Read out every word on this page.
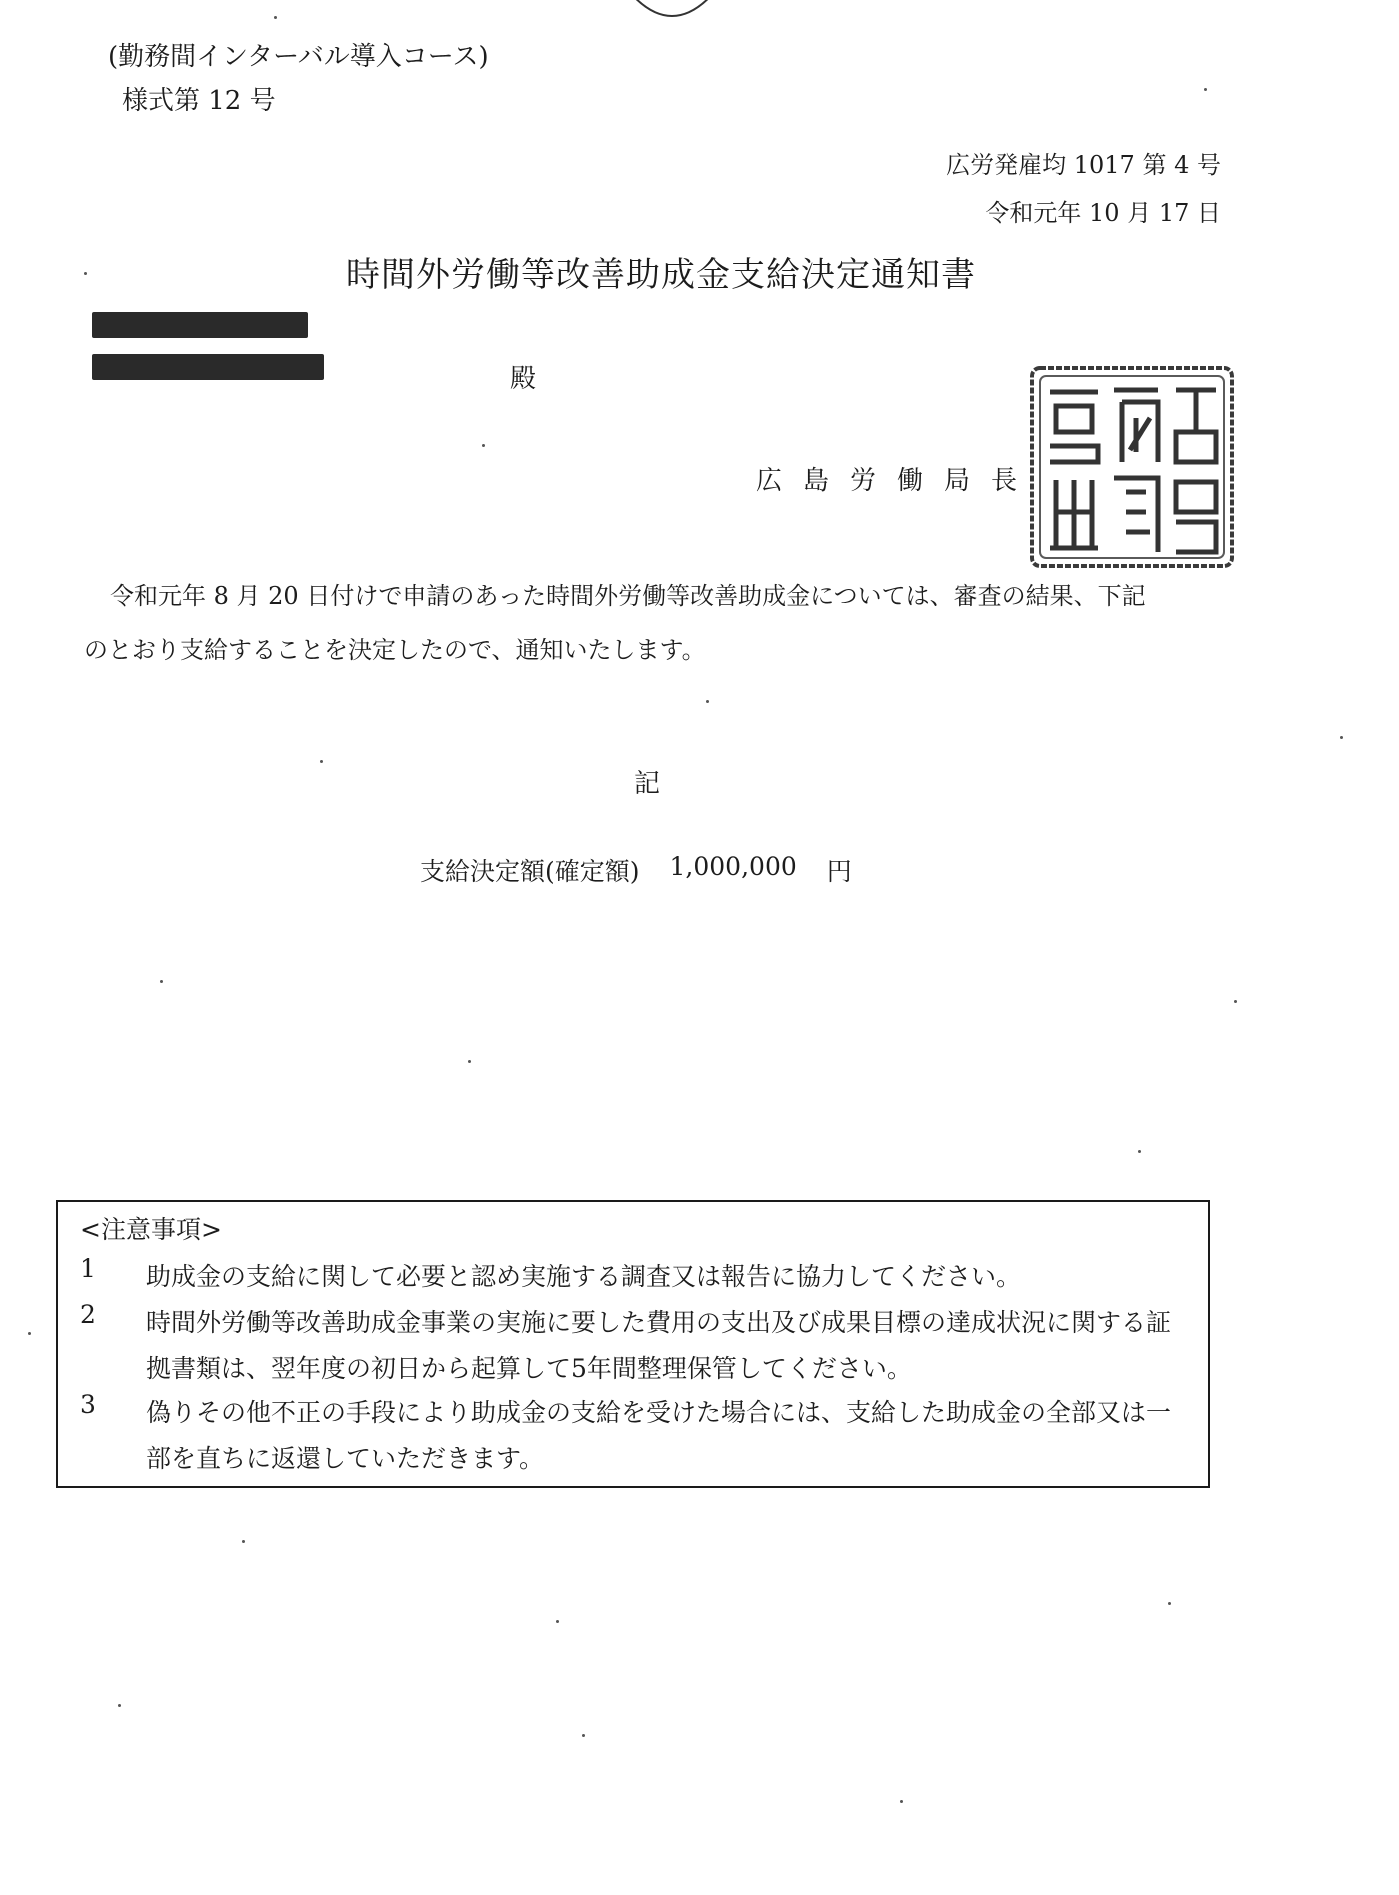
(勤務間インターバル導入コース)
様式第 12 号
広労発雇均 1017 第 4 号
令和元年 10 月 17 日
時間外労働等改善助成金支給決定通知書
殿
広島労働局長
令和元年 8 月 20 日付けで申請のあった時間外労働等改善助成金については、審査の結果、下記
のとおり支給することを決定したので、通知いたします。
記
支給決定額(確定額) 1,000,000 円
<注意事項>
1	助成金の支給に関して必要と認め実施する調査又は報告に協力してください。
2	時間外労働等改善助成金事業の実施に要した費用の支出及び成果目標の達成状況に関する証拠書類は、翌年度の初日から起算して5年間整理保管してください。
3	偽りその他不正の手段により助成金の支給を受けた場合には、支給した助成金の全部又は一部を直ちに返還していただきます。
